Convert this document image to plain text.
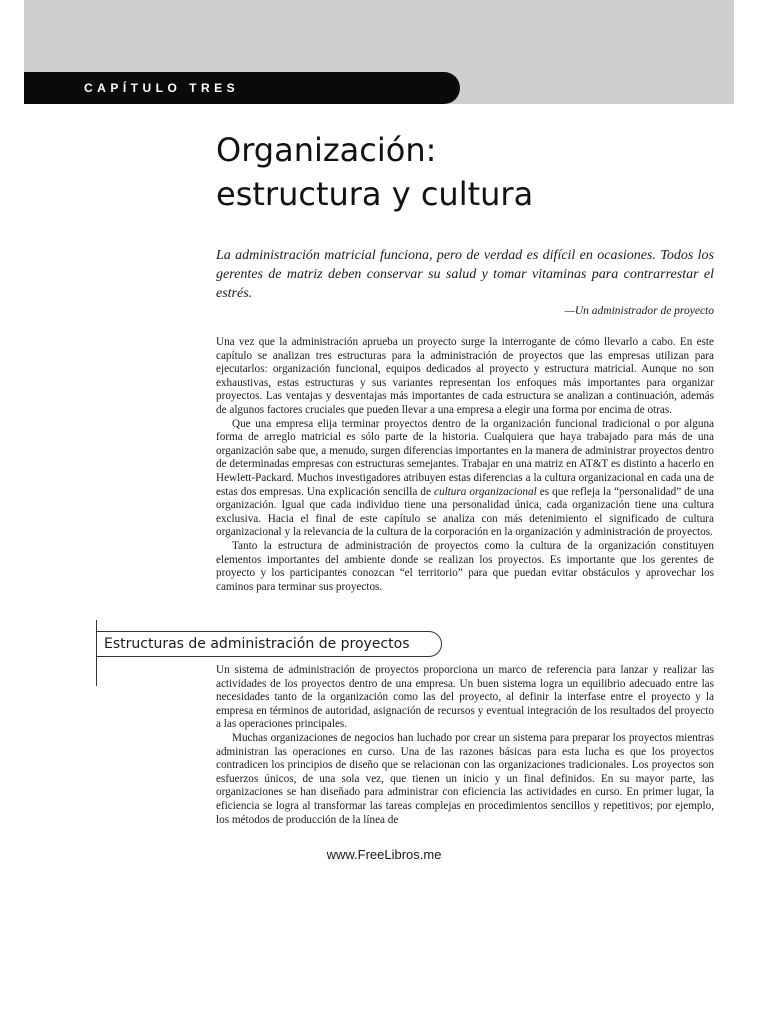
CAPÍTULO TRES
Organización:
estructura y cultura

La administración matricial funciona, pero de verdad es difícil en ocasiones. Todos los gerentes de matriz deben conservar su salud y tomar vitaminas para contrarrestar el estrés.

—Un administrador de proyecto

Una vez que la administración aprueba un proyecto surge la interrogante de cómo llevarlo a cabo. En este capítulo se analizan tres estructuras para la administración de proyectos que las empresas utilizan para ejecutarlos: organización funcional, equipos dedicados al proyecto y estructura matricial. Aunque no son exhaustivas, estas estructuras y sus variantes representan los enfoques más importantes para organizar proyectos. Las ventajas y desventajas más importantes de cada estructura se analizan a continuación, además de algunos factores cruciales que pueden llevar a una empresa a elegir una forma por encima de otras.

Que una empresa elija terminar proyectos dentro de la organización funcional tradicional o por alguna forma de arreglo matricial es sólo parte de la historia. Cualquiera que haya trabajado para más de una organización sabe que, a menudo, surgen diferencias importantes en la manera de administrar proyectos dentro de determinadas empresas con estructuras semejantes. Trabajar en una matriz en AT&T es distinto a hacerlo en Hewlett-Packard. Muchos investigadores atribuyen estas diferencias a la cultura organizacional en cada una de estas dos empresas. Una explicación sencilla de cultura organizacional es que refleja la “personalidad” de una organización. Igual que cada individuo tiene una personalidad única, cada organización tiene una cultura exclusiva. Hacia el final de este capítulo se analiza con más detenimiento el significado de cultura organizacional y la relevancia de la cultura de la corporación en la organización y administración de proyectos.

Tanto la estructura de administración de proyectos como la cultura de la organización constituyen elementos importantes del ambiente donde se realizan los proyectos. Es importante que los gerentes de proyecto y los participantes conozcan “el territorio” para que puedan evitar obstáculos y aprovechar los caminos para terminar sus proyectos.

Estructuras de administración de proyectos

Un sistema de administración de proyectos proporciona un marco de referencia para lanzar y realizar las actividades de los proyectos dentro de una empresa. Un buen sistema logra un equilibrio adecuado entre las necesidades tanto de la organización como las del proyecto, al definir la interfase entre el proyecto y la empresa en términos de autoridad, asignación de recursos y eventual integración de los resultados del proyecto a las operaciones principales.

Muchas organizaciones de negocios han luchado por crear un sistema para preparar los proyectos mientras administran las operaciones en curso. Una de las razones básicas para esta lucha es que los proyectos contradicen los principios de diseño que se relacionan con las organizaciones tradicionales. Los proyectos son esfuerzos únicos, de una sola vez, que tienen un inicio y un final definidos. En su mayor parte, las organizaciones se han diseñado para administrar con eficiencia las actividades en curso. En primer lugar, la eficiencia se logra al transformar las tareas complejas en procedimientos sencillos y repetitivos; por ejemplo, los métodos de producción de la línea de

www.FreeLibros.me
